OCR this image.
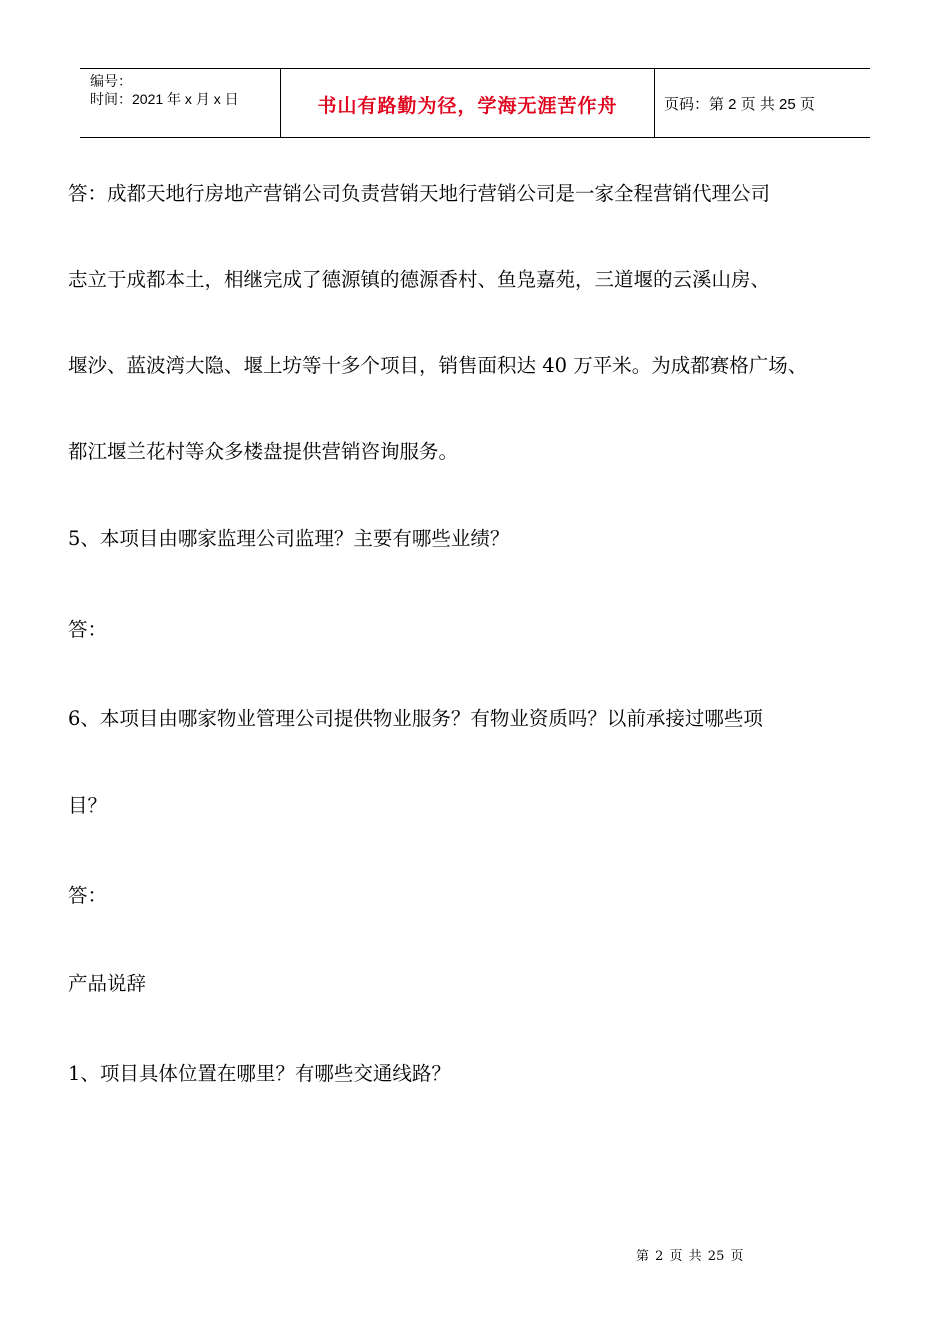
编号：
时间：2021 年 x 月 x 日	书山有路勤为径，学海无涯苦作舟	页码：第 2 页 共 25 页
答：成都天地行房地产营销公司负责营销天地行营销公司是一家全程营销代理公司
志立于成都本土，相继完成了德源镇的德源香村、鱼凫嘉苑，三道堰的云溪山房、
堰沙、蓝波湾大隐、堰上坊等十多个项目，销售面积达 40 万平米。为成都赛格广场、
都江堰兰花村等众多楼盘提供营销咨询服务。
5、本项目由哪家监理公司监理？主要有哪些业绩？
答：
6、本项目由哪家物业管理公司提供物业服务？有物业资质吗？以前承接过哪些项
目？
答：
产品说辞
1、项目具体位置在哪里？有哪些交通线路？
第 2 页 共 25 页
